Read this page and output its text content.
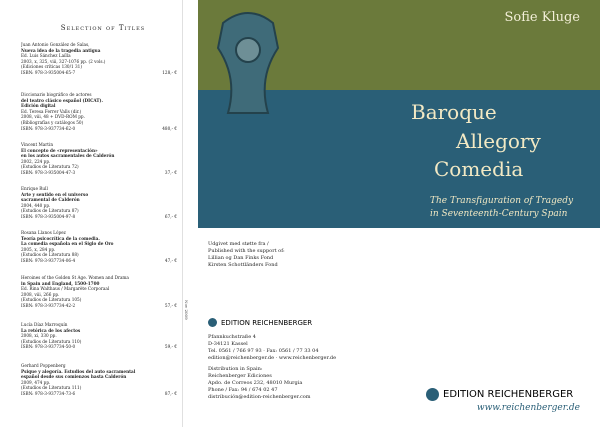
Selection of Titles
Juan Antonio González de Salas,
Nueva idea de la tragedia antigua
Ed. Luis Sánchez Laílla
2003, x, 325, viii, 327-1076 pp. (2 vols.)
(Ediciones críticas 130/1 31)
ISBN: 978-3-935004-65-7	128,- €
Diccionario biográfico de actores
del teatro clásico español (DICAT).
Edición digital
Ed. Teresa Ferrer Valls (dir.)
2008, viii, 48 + DVD-ROM pp.
(Bibliografías y catálogos 50)
ISBN: 978-3-937734-62-0	480,- €
Vincent Martin
El concepto de «representación»
en los autos sacramentales de Calderón
2002, 224 pp.
(Estudios de Literatura 72)
ISBN: 978-3-935004-47-3	37,- €
Enrique Rull
Arte y sentido en el universo
sacramental de Calderón
2004, 440 pp.
(Estudios de Literatura 87)
ISBN: 978-3-935004-97-8	67,- €
Rosana Llanos López
Teoría psicocrítica de la comedia.
La comedia española en el Siglo de Oro
2005, x, 284 pp.
(Estudios de Literatura 88)
ISBN: 978-3-937734-06-4	47,- €
Heroines of the Golden St Age. Women and Drama
in Spain and England, 1500-1700
Ed. Rina Walthaus / Margarète Corporaal
2008, viii, 266 pp.
(Estudios de Literatura 105)
ISBN: 978-3-937734-42-2	57,- €
Lucía Díaz Marroquín
La retórica de los afectos
2008, xi, 330 pp.
(Estudios de Literatura 110)
ISBN: 978-3-937734-50-0	59,- €
Gerhard Poppenberg
Psique y alegoría. Estudios del auto sacramental
español desde sus comienzos hasta Calderón
2009, 474 pp.
(Estudios de Literatura 111)
ISBN: 978-3-937734-73-6	87,- €
Nov 2009
Sofie Kluge
Baroque
Allegory
Comedia
The Transfiguration of Tragedy
in Seventeenth-Century Spain
Udgivet med støtte fra /
Published with the support of:
Lillian og Dan Finks Fond
Kirsten Schottländers Fond
EDITION REICHENBERGER
Pfannkuchstraße 4
D-34121 Kassel
Tel. 0561 / 766 97 93 · Fax: 0561 / 77 33 04
edition@reichenberger.de · www.reichenberger.de
Distribution in Spain:
Reichenberger Ediciones
Apdo. de Correos 232, 48010 Murgia
Phone / Fax: 94 / 674 02 47
distribución@edition-reichenberger.com	EDITION REICHENBERGER
www.reichenberger.de
